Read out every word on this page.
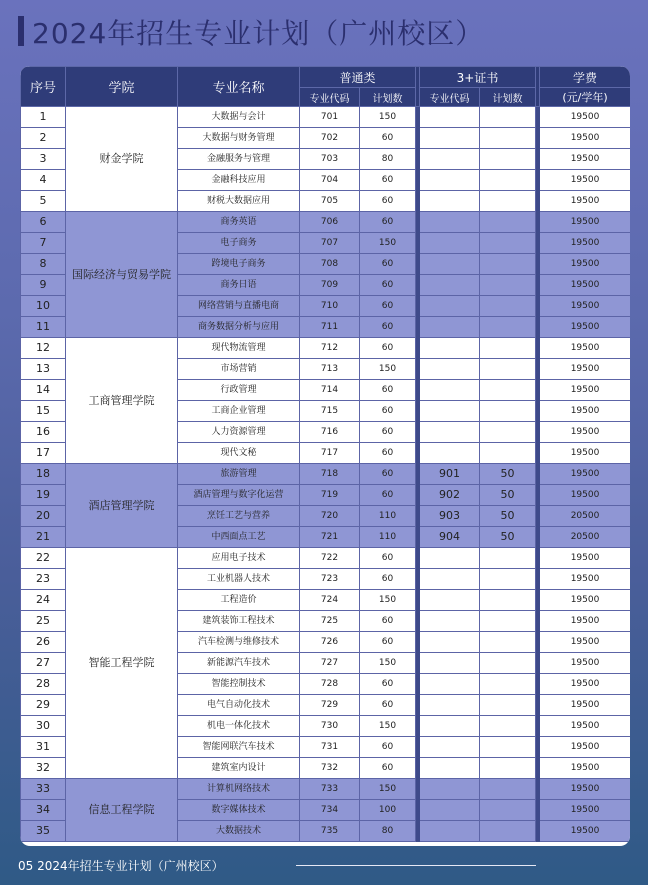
2024年招生专业计划（广州校区）
序号	学院	专业名称	普通类			3+证书			学费
			专业代码	计划数		专业代码	计划数		(元/学年)
1	财金学院	大数据与会计	701	150					19500
2		大数据与财务管理	702	60					19500
3		金融服务与管理	703	80					19500
4		金融科技应用	704	60					19500
5		财税大数据应用	705	60					19500
6	国际经济与贸易学院	商务英语	706	60					19500
7		电子商务	707	150					19500
8		跨境电子商务	708	60					19500
9		商务日语	709	60					19500
10		网络营销与直播电商	710	60					19500
11		商务数据分析与应用	711	60					19500
12	工商管理学院	现代物流管理	712	60					19500
13		市场营销	713	150					19500
14		行政管理	714	60					19500
15		工商企业管理	715	60					19500
16		人力资源管理	716	60					19500
17		现代文秘	717	60					19500
18	酒店管理学院	旅游管理	718	60		901	50		19500
19		酒店管理与数字化运营	719	60		902	50		19500
20		烹饪工艺与营养	720	110		903	50		20500
21		中西面点工艺	721	110		904	50		20500
22	智能工程学院	应用电子技术	722	60					19500
23		工业机器人技术	723	60					19500
24		工程造价	724	150					19500
25		建筑装饰工程技术	725	60					19500
26		汽车检测与维修技术	726	60					19500
27		新能源汽车技术	727	150					19500
28		智能控制技术	728	60					19500
29		电气自动化技术	729	60					19500
30		机电一体化技术	730	150					19500
31		智能网联汽车技术	731	60					19500
32		建筑室内设计	732	60					19500
33	信息工程学院	计算机网络技术	733	150					19500
34		数字媒体技术	734	100					19500
35		大数据技术	735	80					19500
05 2024年招生专业计划（广州校区）
